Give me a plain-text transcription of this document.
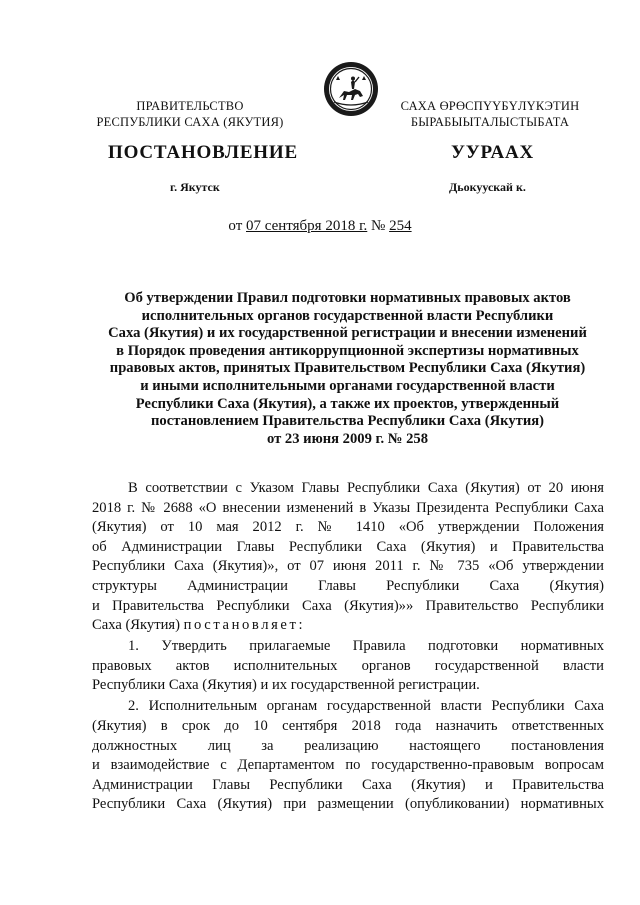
ПРАВИТЕЛЬСТВО
РЕСПУБЛИКИ САХА (ЯКУТИЯ)
САХА ӨРӨСПҮҮБҮЛҮКЭТИН
БЫРАБЫЫТАЛЫСТЫБАТА
ПОСТАНОВЛЕНИЕ	УУРААХ
г. Якутск	Дьокуускай к.
от 07 сентября 2018 г. № 254
Об утверждении Правил подготовки нормативных правовых актов
исполнительных органов государственной власти Республики
Саха (Якутия) и их государственной регистрации и внесении изменений
в Порядок проведения антикоррупционной экспертизы нормативных
правовых актов, принятых Правительством Республики Саха (Якутия)
и иными исполнительными органами государственной власти
Республики Саха (Якутия), а также их проектов, утвержденный
постановлением Правительства Республики Саха (Якутия)
от 23 июня 2009 г. № 258
В соответствии с Указом Главы Республики Саха (Якутия) от 20 июня
2018 г. № 2688 «О внесении изменений в Указы Президента Республики Саха
(Якутия) от 10 мая 2012 г. № 1410 «Об утверждении Положения
об Администрации Главы Республики Саха (Якутия) и Правительства
Республики Саха (Якутия)», от 07 июня 2011 г. № 735 «Об утверждении
структуры Администрации Главы Республики Саха (Якутия)
и Правительства Республики Саха (Якутия)»» Правительство Республики
Саха (Якутия) постановляет:
1. Утвердить прилагаемые Правила подготовки нормативных
правовых актов исполнительных органов государственной власти
Республики Саха (Якутия) и их государственной регистрации.
2. Исполнительным органам государственной власти Республики Саха
(Якутия) в срок до 10 сентября 2018 года назначить ответственных
должностных лиц за реализацию настоящего постановления
и взаимодействие с Департаментом по государственно-правовым вопросам
Администрации Главы Республики Саха (Якутия) и Правительства
Республики Саха (Якутия) при размещении (опубликовании) нормативных
